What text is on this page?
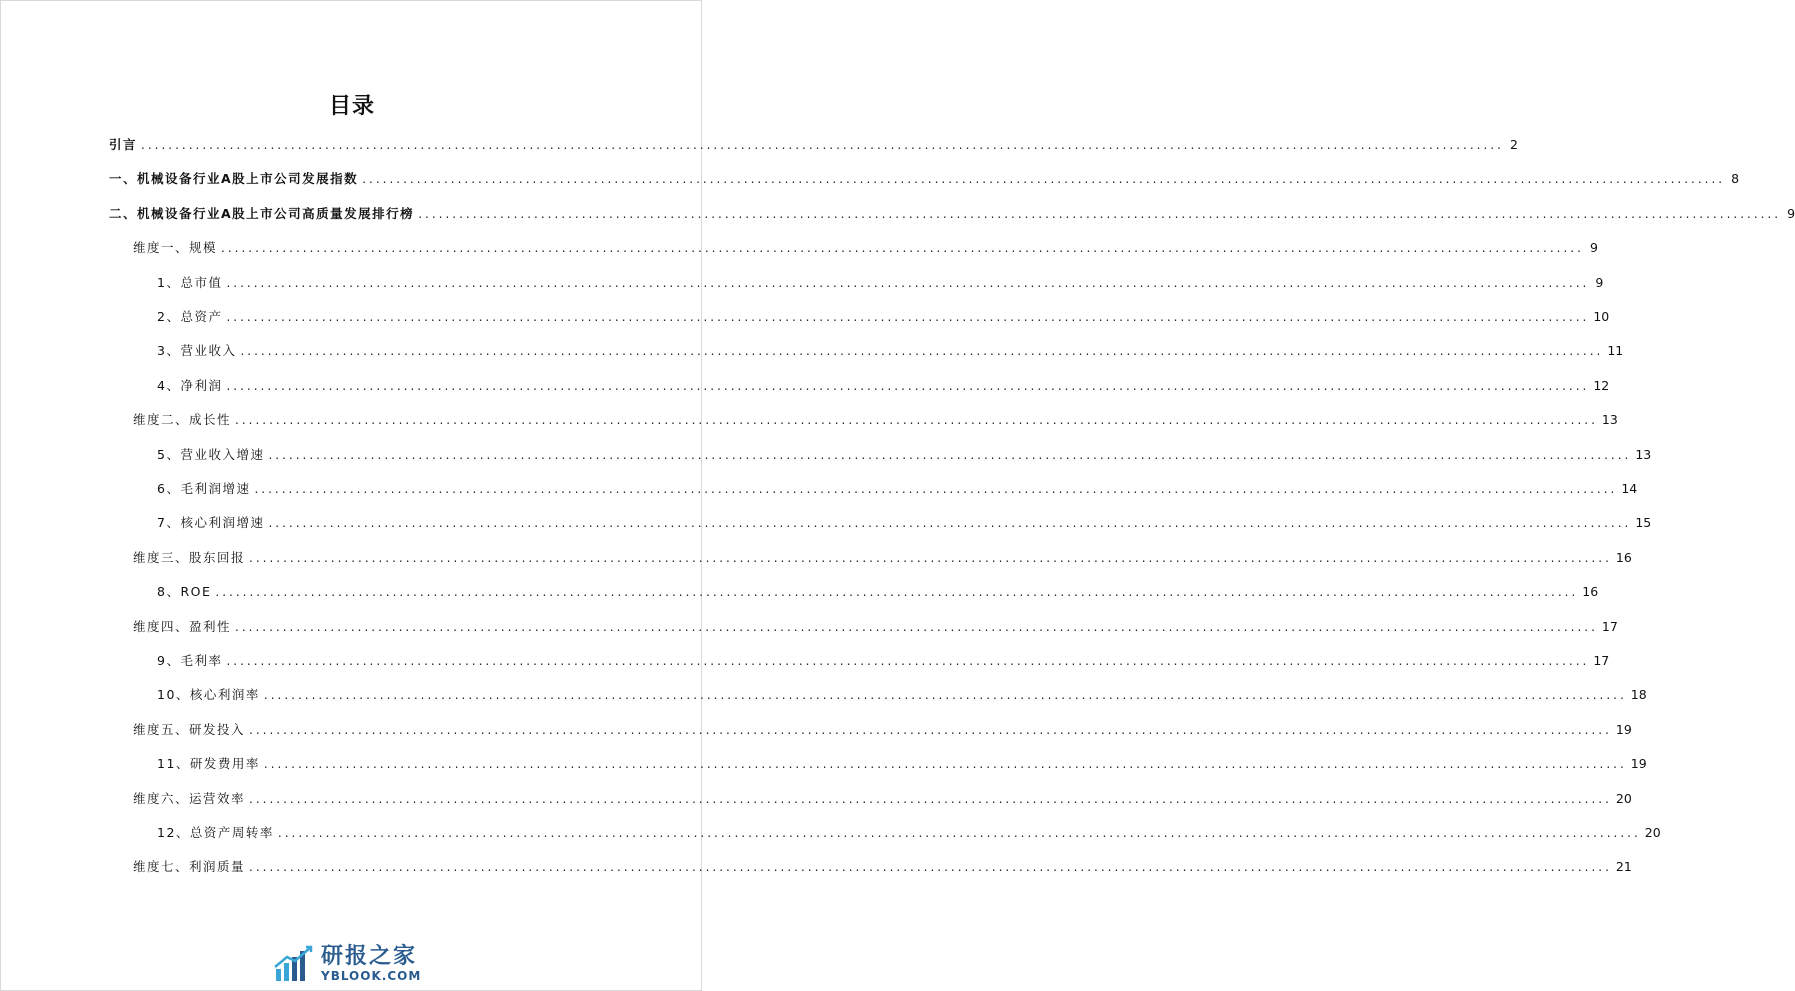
目录
引言 ........................................................................................................................................................................................................ 2
一、机械设备行业A股上市公司发展指数 ........................................................................................................................................................................................................ 8
二、机械设备行业A股上市公司高质量发展排行榜 ........................................................................................................................................................................................................ 9
维度一、规模 ........................................................................................................................................................................................................ 9
1、总市值 ........................................................................................................................................................................................................ 9
2、总资产 ........................................................................................................................................................................................................ 10
3、营业收入 ........................................................................................................................................................................................................ 11
4、净利润 ........................................................................................................................................................................................................ 12
维度二、成长性 ........................................................................................................................................................................................................ 13
5、营业收入增速 ........................................................................................................................................................................................................ 13
6、毛利润增速 ........................................................................................................................................................................................................ 14
7、核心利润增速 ........................................................................................................................................................................................................ 15
维度三、股东回报 ........................................................................................................................................................................................................ 16
8、ROE ........................................................................................................................................................................................................ 16
维度四、盈利性 ........................................................................................................................................................................................................ 17
9、毛利率 ........................................................................................................................................................................................................ 17
10、核心利润率 ........................................................................................................................................................................................................ 18
维度五、研发投入 ........................................................................................................................................................................................................ 19
11、研发费用率 ........................................................................................................................................................................................................ 19
维度六、运营效率 ........................................................................................................................................................................................................ 20
12、总资产周转率 ........................................................................................................................................................................................................ 20
维度七、利润质量 ........................................................................................................................................................................................................ 21
研报之家
YBLOOK.COM
